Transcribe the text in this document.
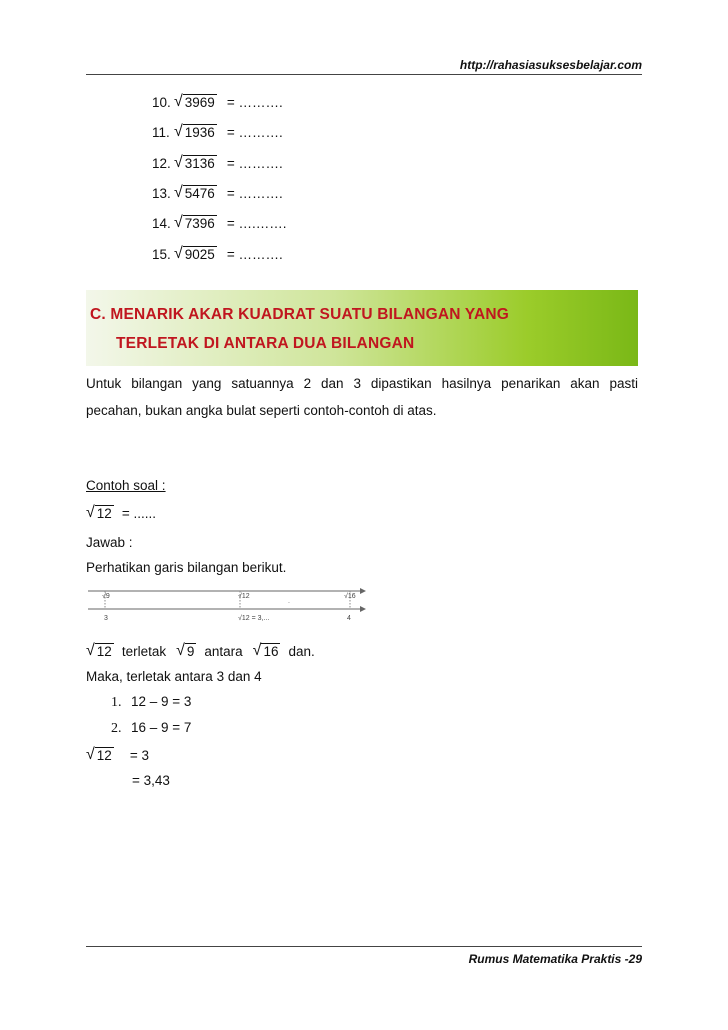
http://rahasiasuksesbelajar.com
10. √ 3969 = ……….
11. √ 1936 = ……….
12. √ 3136 = ……….
13. √ 5476 = ……….
14. √ 7396 = ….…….
15. √ 9025 = ……….
C. MENARIK AKAR KUADRAT SUATU BILANGAN YANG
TERLETAK DI ANTARA DUA BILANGAN
Untuk bilangan yang satuannya 2 dan 3 dipastikan hasilnya penarikan akan pasti
pecahan, bukan angka bulat seperti contoh-contoh di atas.
Contoh soal :
√ 12 = ......
Jawab :
Perhatikan garis bilangan berikut.
√9	√12	√16
.
3	√12 = 3,...	4
√ 12 terletak √ 9 antara √ 16 dan.
Maka, terletak antara 3 dan 4
1. 12 – 9 = 3
2. 16 – 9 = 7
√ 12 = 3
= 3,43
Rumus Matematika Praktis -29
